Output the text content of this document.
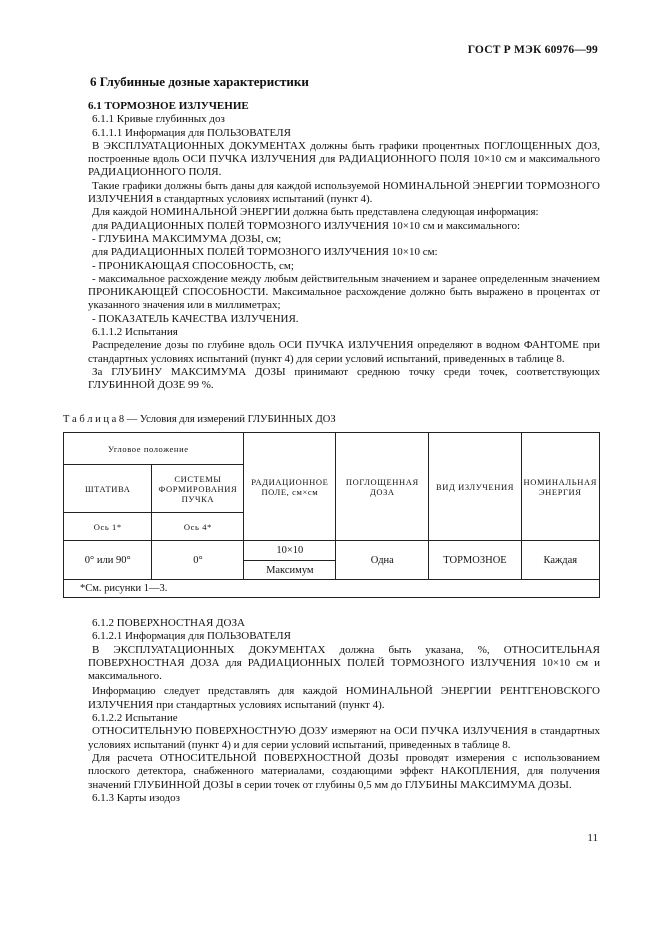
ГОСТ Р МЭК 60976—99
6 Глубинные дозные характеристики

6.1 ТОРМОЗНОЕ ИЗЛУЧЕНИЕ

6.1.1 Кривые глубинных доз

6.1.1.1 Информация для ПОЛЬЗОВАТЕЛЯ

В ЭКСПЛУАТАЦИОННЫХ ДОКУМЕНТАХ должны быть графики процентных ПОГЛОЩЕННЫХ ДОЗ, построенные вдоль ОСИ ПУЧКА ИЗЛУЧЕНИЯ для РАДИАЦИОННОГО ПОЛЯ 10×10 см и максимального РАДИАЦИОННОГО ПОЛЯ.

Такие графики должны быть даны для каждой используемой НОМИНАЛЬНОЙ ЭНЕРГИИ ТОРМОЗНОГО ИЗЛУЧЕНИЯ в стандартных условиях испытаний (пункт 4).

Для каждой НОМИНАЛЬНОЙ ЭНЕРГИИ должна быть представлена следующая информация:

для РАДИАЦИОННЫХ ПОЛЕЙ ТОРМОЗНОГО ИЗЛУЧЕНИЯ 10×10 см и максимального:

- ГЛУБИНА МАКСИМУМА ДОЗЫ, см;

для РАДИАЦИОННЫХ ПОЛЕЙ ТОРМОЗНОГО ИЗЛУЧЕНИЯ 10×10 см:

- ПРОНИКАЮЩАЯ СПОСОБНОСТЬ, см;

- максимальное расхождение между любым действительным значением и заранее определенным значением ПРОНИКАЮЩЕЙ СПОСОБНОСТИ. Максимальное расхождение должно быть выражено в процентах от указанного значения или в миллиметрах;

- ПОКАЗАТЕЛЬ КАЧЕСТВА ИЗЛУЧЕНИЯ.

6.1.1.2 Испытания

Распределение дозы по глубине вдоль ОСИ ПУЧКА ИЗЛУЧЕНИЯ определяют в водном ФАНТОМЕ при стандартных условиях испытаний (пункт 4) для серии условий испытаний, приведенных в таблице 8.

За ГЛУБИНУ МАКСИМУМА ДОЗЫ принимают среднюю точку среди точек, соответствующих ГЛУБИННОЙ ДОЗЕ 99 %.

Т а б л и ц а 8 — Условия для измерений ГЛУБИННЫХ ДОЗ
Угловое положение		РАДИАЦИОННОЕ ПОЛЕ, см×см	ПОГЛОЩЕННАЯ ДОЗА	ВИД ИЗЛУЧЕНИЯ	НОМИНАЛЬНАЯ ЭНЕРГИЯ
ШТАТИВА	СИСТЕМЫ ФОРМИРОВАНИЯ ПУЧКА				
Ось 1*	Ось 4*				
0° или 90°	0°	10×10	Одна	ТОРМОЗНОЕ	Каждая
		Максимум			
*См. рисунки 1—3.					

6.1.2 ПОВЕРХНОСТНАЯ ДОЗА

6.1.2.1 Информация для ПОЛЬЗОВАТЕЛЯ

В ЭКСПЛУАТАЦИОННЫХ ДОКУМЕНТАХ должна быть указана, %, ОТНОСИТЕЛЬНАЯ ПОВЕРХНОСТНАЯ ДОЗА для РАДИАЦИОННЫХ ПОЛЕЙ ТОРМОЗНОГО ИЗЛУЧЕНИЯ 10×10 см и максимального.

Информацию следует представлять для каждой НОМИНАЛЬНОЙ ЭНЕРГИИ РЕНТГЕНОВСКОГО ИЗЛУЧЕНИЯ при стандартных условиях испытаний (пункт 4).

6.1.2.2 Испытание

ОТНОСИТЕЛЬНУЮ ПОВЕРХНОСТНУЮ ДОЗУ измеряют на ОСИ ПУЧКА ИЗЛУЧЕНИЯ в стандартных условиях испытаний (пункт 4) и для серии условий испытаний, приведенных в таблице 8.

Для расчета ОТНОСИТЕЛЬНОЙ ПОВЕРХНОСТНОЙ ДОЗЫ проводят измерения с использованием плоского детектора, снабженного материалами, создающими эффект НАКОПЛЕНИЯ, для получения значений ГЛУБИННОЙ ДОЗЫ в серии точек от глубины 0,5 мм до ГЛУБИНЫ МАКСИМУМА ДОЗЫ.

6.1.3 Карты изодоз

11
